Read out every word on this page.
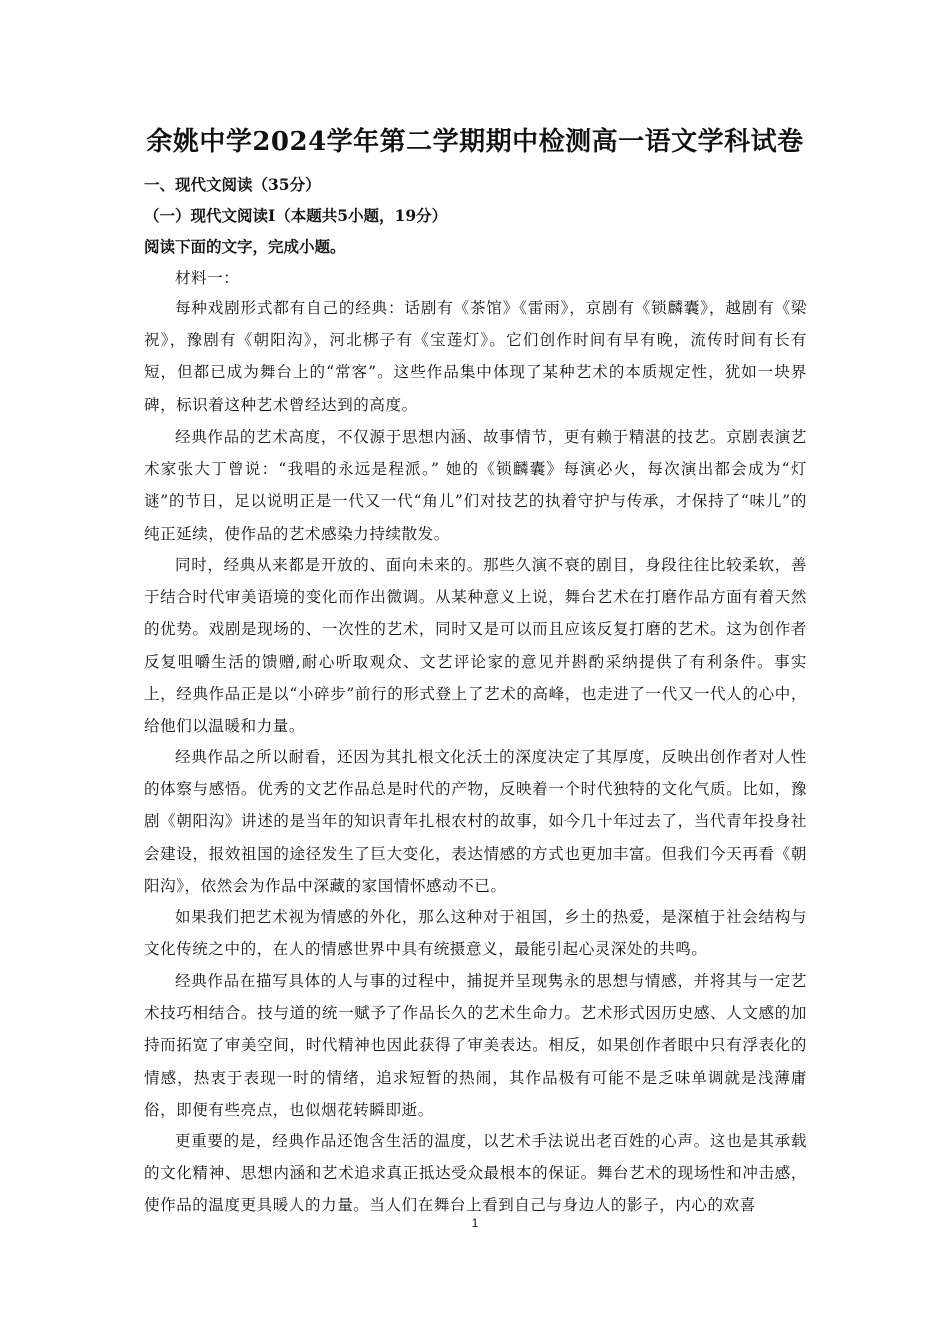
余姚中学2024学年第二学期期中检测高一语文学科试卷
一、现代文阅读（35分）
（一）现代文阅读Ⅰ（本题共5小题，19分）
阅读下面的文字，完成小题。
材料一：

每种戏剧形式都有自己的经典：话剧有《茶馆》《雷雨》，京剧有《锁麟囊》，越剧有《梁祝》，豫剧有《朝阳沟》，河北梆子有《宝莲灯》。它们创作时间有早有晚，流传时间有长有短，但都已成为舞台上的“常客”。这些作品集中体现了某种艺术的本质规定性，犹如一块界碑，标识着这种艺术曾经达到的高度。

经典作品的艺术高度，不仅源于思想内涵、故事情节，更有赖于精湛的技艺。京剧表演艺术家张大丁曾说：“我唱的永远是程派。” 她的《锁麟囊》每演必火，每次演出都会成为“灯谜”的节日，足以说明正是一代又一代“角儿”们对技艺的执着守护与传承，才保持了“味儿”的纯正延续，使作品的艺术感染力持续散发。

同时，经典从来都是开放的、面向未来的。那些久演不衰的剧目，身段往往比较柔软，善于结合时代审美语境的变化而作出微调。从某种意义上说，舞台艺术在打磨作品方面有着天然的优势。戏剧是现场的、一次性的艺术，同时又是可以而且应该反复打磨的艺术。这为创作者反复咀嚼生活的馈赠,耐心听取观众、文艺评论家的意见并斟酌采纳提供了有利条件。事实上，经典作品正是以“小碎步”前行的形式登上了艺术的高峰，也走进了一代又一代人的心中，给他们以温暖和力量。

经典作品之所以耐看，还因为其扎根文化沃土的深度决定了其厚度，反映出创作者对人性的体察与感悟。优秀的文艺作品总是时代的产物，反映着一个时代独特的文化气质。比如，豫剧《朝阳沟》讲述的是当年的知识青年扎根农村的故事，如今几十年过去了，当代青年投身社会建设，报效祖国的途径发生了巨大变化，表达情感的方式也更加丰富。但我们今天再看《朝阳沟》，依然会为作品中深藏的家国情怀感动不已。

如果我们把艺术视为情感的外化，那么这种对于祖国，乡土的热爱，是深植于社会结构与文化传统之中的，在人的情感世界中具有统摄意义，最能引起心灵深处的共鸣。

经典作品在描写具体的人与事的过程中，捕捉并呈现隽永的思想与情感，并将其与一定艺术技巧相结合。技与道的统一赋予了作品长久的艺术生命力。艺术形式因历史感、人文感的加持而拓宽了审美空间，时代精神也因此获得了审美表达。相反，如果创作者眼中只有浮表化的情感，热衷于表现一时的情绪，追求短暂的热闹，其作品极有可能不是乏味单调就是浅薄庸俗，即便有些亮点，也似烟花转瞬即逝。

更重要的是，经典作品还饱含生活的温度，以艺术手法说出老百姓的心声。这也是其承载的文化精神、思想内涵和艺术追求真正抵达受众最根本的保证。舞台艺术的现场性和冲击感，使作品的温度更具暖人的力量。当人们在舞台上看到自己与身边人的影子，内心的欢喜

1
